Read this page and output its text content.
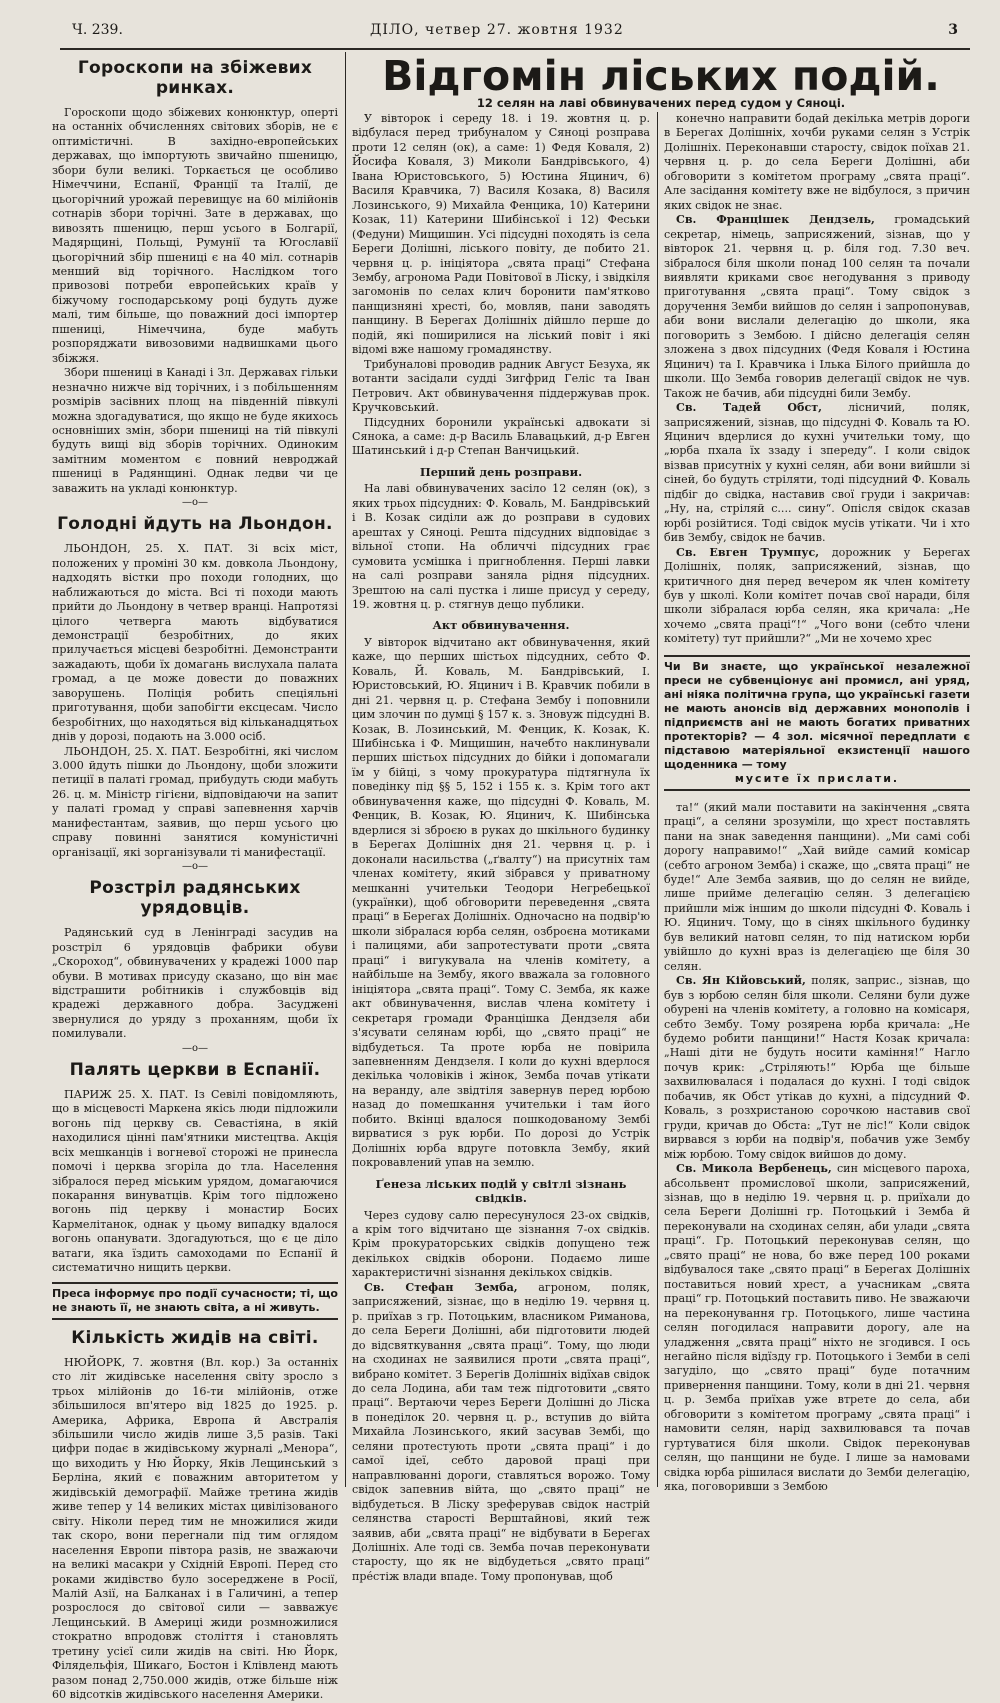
Ч. 239.	ДІЛО, четвер 27. жовтня 1932	3
Відгомін ліських подій.
12 селян на лаві обвинувачених перед судом у Сяноці.
Гороскопи на збіжевих ринках.

Гороскопи щодо збіжевих конюнктур, оперті на останніх обчисленнях світових зборів, не є оптимістичні. В західно-европейських державах, що імпортують звичайно пшеницю, збори були великі. Торкається це особливо Німеччини, Еспанії, Франції та Італії, де цьогорічний урожай перевищує на 60 мілійонів сотнарів збори торічні. Зате в державах, що вивозять пшеницю, перш усього в Болгарії, Мадярщині, Польщі, Румунії та Югославії цьогорічний збір пшениці є на 40 міл. сотнарів менший від торічного. Наслідком того привозові потреби европейських країв у біжучому господарському році будуть дуже малі, тим більше, що поважний досі імпортер пшениці, Німеччина, буде мабуть розпоряджати вивозовими надвишками цього збіжжя.

Збори пшениці в Канаді і Зл. Державах гільки незначно нижче від торічних, і з побільшенням розмірів засівних площ на південній півкулі можна здогадуватися, що якщо не буде якихось основніших змін, збори пшениці на тій півкулі будуть вищі від зборів торічних. Одиноким замітним моментом є повний невроджай пшениці в Радянщині. Однак ледви чи це заважить на укладі конюнктур.

—o—
Голодні йдуть на Льондон.

ЛЬОНДОН, 25. Х. ПАТ. Зі всіх міст, положених у проміні 30 км. довкола Льондону, надходять вістки про походи голодних, що наближаються до міста. Всі ті походи мають прийти до Льондону в четвер вранці. Напротязі цілого четверга мають відбуватися демонстрації безробітних, до яких прилучається місцеві безробітні. Демонстранти зажадають, щоби їх домагань вислухала палата громад, а це може довести до поважних заворушень. Поліція робить спеціяльні приготування, щоби запобігти ексцесам. Число безробітних, що находяться від кільканадцятьох днів у дорозі, подають на 3.000 осіб.

ЛЬОНДОН, 25. Х. ПАТ. Безробітні, які числом 3.000 йдуть пішки до Льондону, щоби зложити петиції в палаті громад, прибудуть сюди мабуть 26. ц. м. Міністр гігієни, відповідаючи на запит у палаті громад у справі запевнення харчів манифестантам, заявив, що перш усього цю справу повинні занятися комуністичні організації, які зорганізували ті манифестації.

—o—
Розстріл радянських урядовців.

Радянський суд в Ленінграді засудив на розстріл 6 урядовців фабрики обуви „Скороход“, обвинувачених у крадежі 1000 пар обуви. В мотивах присуду сказано, що він має відстрашити робітників і службовців від крадежі державного добра. Засуджені звернулися до уряду з проханням, щоби їх помилували.

—o—
Палять церкви в Еспанії.

ПАРИЖ 25. Х. ПАТ. Із Севілі повідомляють, що в місцевості Маркена якісь люди підложили вогонь під церкву св. Севастіяна, в якій находилися цінні пам'ятники мистецтва. Акція всіх мешканців і вогневої сторожі не принесла помочі і церква згоріла до тла. Населення зібралося перед міським урядом, домагаючися покарання винуватців. Крім того підложено вогонь під церкву і монастир Босих Кармелітанок, однак у цьому випадку вдалося вогонь опанувати. Здогадуються, що є це діло ватаги, яка їздить самоходами по Еспанії й систематично нищить церкви.

Преса інформує про події сучасности; ті, що не знають її, не знають світа, а ні живуть.
Кількість жидів на світі.

НЮЙОРК, 7. жовтня (Вл. кор.) За останніх сто літ жидівське населення світу зросло з трьох мілійонів до 16-ти мілійонів, отже збільшилося вп'ятеро від 1825 до 1925. р. Америка, Африка, Европа й Австралія збільшили число жидів лише 3,5 разів. Такі цифри подає в жидівському журналі „Менора“, що виходить у Ню Йорку, Яків Лещинський з Берліна, який є поважним авторитетом у жидівській демографії. Майже третина жидів живе тепер у 14 великих містах цивілізованого світу. Ніколи перед тим не множилися жиди так скоро, вони перегнали під тим оглядом населення Европи півтора разів, не зважаючи на великі масакри у Східній Европі. Перед сто роками жидівство було зосереджене в Росії, Малій Азії, на Балканах і в Галичині, а тепер розрослося до світової сили — завважує Лещинський. В Америці жиди розмножилися стократно впродовж століття і становлять третину усієї сили жидів на світі. Ню Йорк, Філядельфія, Шикаго, Бостон і Клівленд мають разом понад 2,750.000 жидів, отже більше ніж 60 відсотків жидівського населення Америки.

У вівторок і середу 18. і 19. жовтня ц. р. відбулася перед трибуналом у Сяноці розправа проти 12 селян (ок), а саме: 1) Федя Коваля, 2) Йосифа Коваля, 3) Миколи Бандрівського, 4) Івана Юристовського, 5) Юстина Яцинич, 6) Василя Кравчика, 7) Василя Козака, 8) Василя Лозинського, 9) Михайла Фенцика, 10) Катерини Козак, 11) Катерини Шибінської і 12) Феськи (Федуни) Мищишин. Усі підсудні походять із села Береги Долішні, ліського повіту, де побито 21. червня ц. р. ініціятора „свята праці“ Стефана Зембу, агронома Ради Повітової в Ліску, і звідкіля загомонів по селах клич боронити пам'ятково панщизняні хресті, бо, мовляв, пани заводять панщину. В Берегах Долішніх дійшло перше до подій, які поширилися на ліський повіт і які відомі вже нашому громадянству.

Трибуналові проводив радник Август Безуха, як вотанти засідали судді Зигфрид Геліс та Іван Петрович. Акт обвинувачення піддержував прок. Кручковський.

Підсудних боронили українські адвокати зі Сянока, а саме: д-р Василь Блавацький, д-р Евген Шатинський і д-р Степан Ванчицький.

Перший день розправи.

На лаві обвинувачених засіло 12 селян (ок), з яких трьох підсудних: Ф. Коваль, М. Бандрівський і В. Козак сиділи аж до розправи в судових арештах у Сяноці. Решта підсудних відповідає з вільної стопи. На обличчі підсудних грає сумовита усмішка і пригноблення. Перші лавки на салі розправи заняла рідня підсудних. Зрештою на салі пустка і лише присуд у середу, 19. жовтня ц. р. стягнув дещо публики.

Акт обвинувачення.

У вівторок відчитано акт обвинувачення, який каже, що перших шістьох підсудних, себто Ф. Коваль, Й. Коваль, М. Бандрівський, І. Юристовський, Ю. Яцинич і В. Кравчик побили в дні 21. червня ц. р. Стефана Зембу і поповнили цим злочин по думці § 157 к. з. Зновуж підсудні В. Козак, В. Лозинський, М. Фенцик, К. Козак, К. Шибінська і Ф. Мищишин, начебто наклинували перших шістьох підсудних до бійки і допомагали їм у бійці, з чому прокуратура підтягнула їх поведінку під §§ 5, 152 і 155 к. з. Крім того акт обвинувачення каже, що підсудні Ф. Коваль, М. Фенцик, В. Козак, Ю. Яцинич, К. Шибінська вдерлися зі зброєю в руках до шкільного будинку в Берегах Долішніх дня 21. червня ц. р. і доконали насильства („ґвалту“) на присутніх там членах комітету, який зібрався у приватному мешканні учительки Теодори Негребецької (українки), щоб обговорити переведення „свята праці“ в Берегах Долішніх. Одночасно на подвір'ю школи зібралася юрба селян, озброєна мотиками і палицями, аби запротестувати проти „свята праці“ і вигукувала на членів комітету, а найбільше на Зембу, якого вважала за головного ініціятора „свята праці“. Тому С. Земба, як каже акт обвинувачення, вислав члена комітету і секретаря громади Францішка Дендзеля аби з'ясувати селянам юрбі, що „свято праці“ не відбудеться. Та проте юрба не повірила запевненням Дендзеля. І коли до кухні вдерлося декілька чоловіків і жінок, Земба почав утікати на веранду, але звідтіля завернув перед юрбою назад до помешкання учительки і там його побито. Вкінці вдалося пошкодованому Зембі вирватися з рук юрби. По дорозі до Устрік Долішніх юрба вдруге потовкла Зембу, який покровавлений упав на землю.

Ґенеза ліських подій у світлі зізнань свідків.

Через судову салю пересунулося 23-ох свідків, а крім того відчитано ще зізнання 7-ох свідків. Крім прокураторських свідків допущено теж декількох свідків оборони. Подаємо лише характеристичні зізнання декількох свідків.

Св. Стефан Земба, агроном, поляк, заприсяжений, зізнає, що в неділю 19. червня ц. р. приїхав з гр. Потоцьким, власником Риманова, до села Береги Долішні, аби підготовити людей до відсвяткування „свята праці“. Тому, що люди на сходинах не заявилися проти „свята праці“, вибрано комітет. З Берегів Долішніх відїхав свідок до села Лодина, аби там теж підготовити „свято праці“. Вертаючи через Береги Долішні до Ліска в понеділок 20. червня ц. р., вступив до війта Михайла Лозинського, який засував Зембі, що селяни протестують проти „свята праці“ і до самої ідеї, себто даровой праці при направлюванні дороги, ставляться ворожо. Тому свідок запевнив війта, що „свято праці“ не відбудеться. В Ліску зреферував свідок настрій селянства старості Верштайновi, який теж заявив, аби „свята праці“ не відбувати в Берегах Долішніх. Але тоді св. Земба почав переконувати старосту, що як не відбудеться „свято праці“ пре́стіж влади впаде. Тому пропонував, щоб

конечно направити бодай декілька метрів дороги в Берегах Долішніх, хочби руками селян з Устрік Долішніх. Переконавши старосту, свідок поїхав 21. червня ц. р. до села Береги Долішні, аби обговорити з комітетом програму „свята праці“. Але засідання комітету вже не відбулося, з причин яких свідок не знає.

Св. Францішек Дендзель, громадський секретар, німець, заприсяжений, зізнав, що у вівторок 21. червня ц. р. біля год. 7.30 веч. зібралося біля школи понад 100 селян та почали виявляти криками своє негодування з приводу приготування „свята праці“. Тому свідок з доручення Земби вийшов до селян і запропонував, аби вони вислали делегацію до школи, яка поговорить з Зембою. І дійсно делегація селян зложена з двох підсудних (Федя Коваля і Юстина Яцинич) та І. Кравчика і Ілька Білого прийшла до школи. Що Земба говорив делегації свідок не чув. Також не бачив, аби підсудні били Зембу.

Св. Тадей Обст, лісничий, поляк, заприсяжений, зізнав, що підсудні Ф. Коваль та Ю. Яцинич вдерлися до кухні учительки тому, що „юрба пхала їх ззаду і зпереду“. І коли свідок візвав присутніх у кухні селян, аби вони вийшли зі сіней, бо будуть стріляти, тоді підсудний Ф. Коваль підбіг до свідка, наставив свої груди і закричав: „Ну, на, стріляй с.... сину“. Опісля свідок сказав юрбі розійтися. Тоді свідок мусів утікати. Чи і хто бив Зембу, свідок не бачив.

Св. Евген Трумпус, дорожник у Берегах Долішніх, поляк, заприсяжений, зізнав, що критичного дня перед вечером як член комітету був у школі. Коли комітет почав свої наради, біля школи зібралася юрба селян, яка кричала: „Не хочемо „свята праці“!“ „Чого вони (себто члени комітету) тут прийшли?“ „Ми не хочемо хрес

Чи Ви знаєте, що української незалежної преси не субвенціонує ані промисл, ані уряд, ані ніяка політична група, що українські газети не мають анонсів від державних монополів і підприємств ані не мають богатих приватних протекторів? — 4 зол. місячної передплати є підставою матеріяльної екзистенції нашого щоденника — тому
мусите їх прислати.

та!“ (який мали поставити на закінчення „свята праці“, а селяни зрозуміли, що хрест поставлять пани на знак заведення панщини). „Ми самі собі дорогу направимо!“ „Хай вийде самий комісар (себто агроном Земба) і скаже, що „свята праці“ не буде!“ Але Земба заявив, що до селян не вийде, лише прийме делегацію селян. З делегацією прийшли між іншим до школи підсудні Ф. Коваль і Ю. Яцинич. Тому, що в сінях шкільного будинку був великий натовп селян, то під натиском юрби увійшло до кухні враз із делегацією ще біля 30 селян.

Св. Ян Кійовський, поляк, заприс., зізнав, що був з юрбою селян біля школи. Селяни були дуже обурені на членів комітету, а головно на комісаря, себто Зембу. Тому розярена юрба кричала: „Не будемо робити панщини!“ Настя Козак кричала: „Наші діти не будуть носити каміння!“ Нагло почув крик: „Стріляють!“ Юрба ще більше захвилювалася і подалася до кухні. І тоді свідок побачив, як Обст утікав до кухні, а підсудний Ф. Коваль, з розхристаною сорочкою наставив свої груди, кричав до Обста: „Тут не ліс!“ Коли свідок вирвався з юрби на подвір'я, побачив уже Зембу між юрбою. Тому свідок вийшов до дому.

Св. Микола Вербенець, син місцевого пароха, абсольвент промислової школи, заприсяжений, зізнав, що в неділю 19. червня ц. р. приїхали до села Береги Долішні гр. Потоцький і Земба й переконували на сходинах селян, аби улади „свята праці“. Гр. Потоцький переконував селян, що „свято праці“ не нова, бо вже перед 100 роками відбувалося таке „свято праці“ в Берегах Долішніх поставиться новий хрест, а учасникам „свята праці“ гр. Потоцький поставить пиво. Не зважаючи на переконування гр. Потоцького, лише частина селян погодилася направити дорогу, але на уладження „свята праці“ ніхто не згодився. І ось негайно після відїзду гр. Потоцького і Земби в селі загудiло, що „свято праці“ буде потачним привернення панщини. Тому, коли в дні 21. червня ц. р. Земба приїхав уже втрете до села, аби обговорити з комітетом програму „свята праці“ і намовити селян, нарід захвилювався та почав гуртуватися біля школи. Свідок переконував селян, що панщини не буде. І лише за намовами свідка юрба рішилася вислати до Земби делегацію, яка, поговоривши з Зембою
